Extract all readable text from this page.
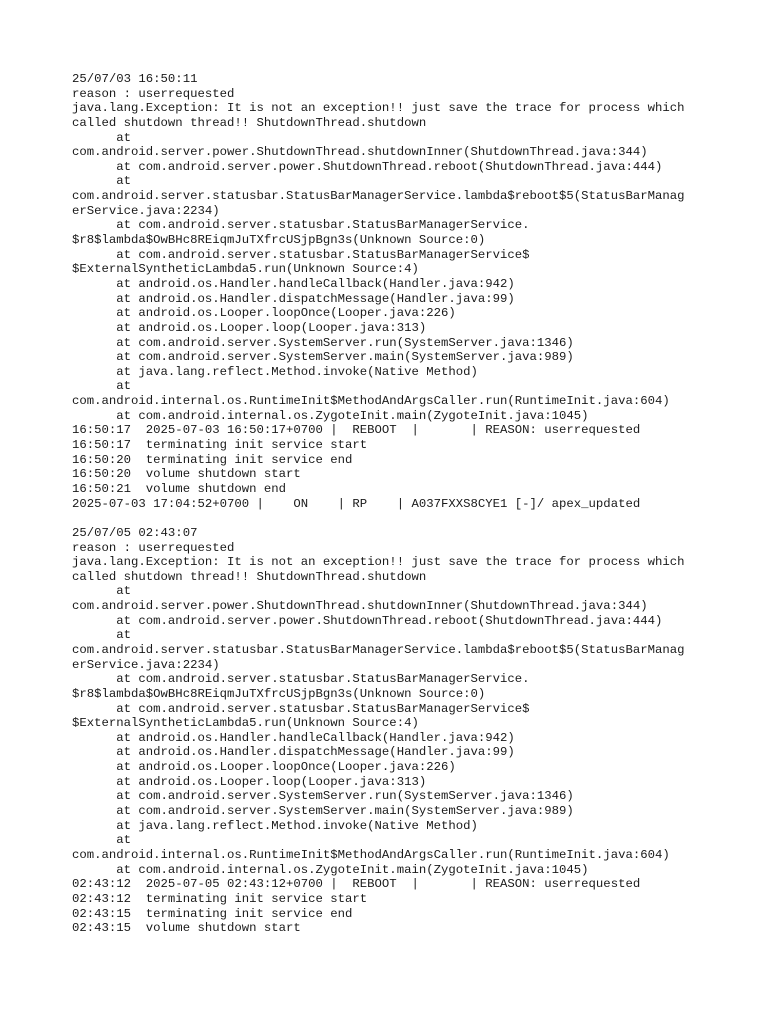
25/07/03 16:50:11
reason : userrequested
java.lang.Exception: It is not an exception!! just save the trace for process which
called shutdown thread!! ShutdownThread.shutdown
at
com.android.server.power.ShutdownThread.shutdownInner(ShutdownThread.java:344)
at com.android.server.power.ShutdownThread.reboot(ShutdownThread.java:444)
at
com.android.server.statusbar.StatusBarManagerService.lambda$reboot$5(StatusBarManag
erService.java:2234)
at com.android.server.statusbar.StatusBarManagerService.
$r8$lambda$OwBHc8REiqmJuTXfrcUSjpBgn3s(Unknown Source:0)
at com.android.server.statusbar.StatusBarManagerService$
$ExternalSyntheticLambda5.run(Unknown Source:4)
at android.os.Handler.handleCallback(Handler.java:942)
at android.os.Handler.dispatchMessage(Handler.java:99)
at android.os.Looper.loopOnce(Looper.java:226)
at android.os.Looper.loop(Looper.java:313)
at com.android.server.SystemServer.run(SystemServer.java:1346)
at com.android.server.SystemServer.main(SystemServer.java:989)
at java.lang.reflect.Method.invoke(Native Method)
at
com.android.internal.os.RuntimeInit$MethodAndArgsCaller.run(RuntimeInit.java:604)
at com.android.internal.os.ZygoteInit.main(ZygoteInit.java:1045)
16:50:17  2025-07-03 16:50:17+0700 |  REBOOT  |       | REASON: userrequested
16:50:17  terminating init service start
16:50:20  terminating init service end
16:50:20  volume shutdown start
16:50:21  volume shutdown end
2025-07-03 17:04:52+0700 |    ON    | RP    | A037FXXS8CYE1 [-]/ apex_updated
25/07/05 02:43:07
reason : userrequested
java.lang.Exception: It is not an exception!! just save the trace for process which
called shutdown thread!! ShutdownThread.shutdown
at
com.android.server.power.ShutdownThread.shutdownInner(ShutdownThread.java:344)
at com.android.server.power.ShutdownThread.reboot(ShutdownThread.java:444)
at
com.android.server.statusbar.StatusBarManagerService.lambda$reboot$5(StatusBarManag
erService.java:2234)
at com.android.server.statusbar.StatusBarManagerService.
$r8$lambda$OwBHc8REiqmJuTXfrcUSjpBgn3s(Unknown Source:0)
at com.android.server.statusbar.StatusBarManagerService$
$ExternalSyntheticLambda5.run(Unknown Source:4)
at android.os.Handler.handleCallback(Handler.java:942)
at android.os.Handler.dispatchMessage(Handler.java:99)
at android.os.Looper.loopOnce(Looper.java:226)
at android.os.Looper.loop(Looper.java:313)
at com.android.server.SystemServer.run(SystemServer.java:1346)
at com.android.server.SystemServer.main(SystemServer.java:989)
at java.lang.reflect.Method.invoke(Native Method)
at
com.android.internal.os.RuntimeInit$MethodAndArgsCaller.run(RuntimeInit.java:604)
at com.android.internal.os.ZygoteInit.main(ZygoteInit.java:1045)
02:43:12  2025-07-05 02:43:12+0700 |  REBOOT  |       | REASON: userrequested
02:43:12  terminating init service start
02:43:15  terminating init service end
02:43:15  volume shutdown start
